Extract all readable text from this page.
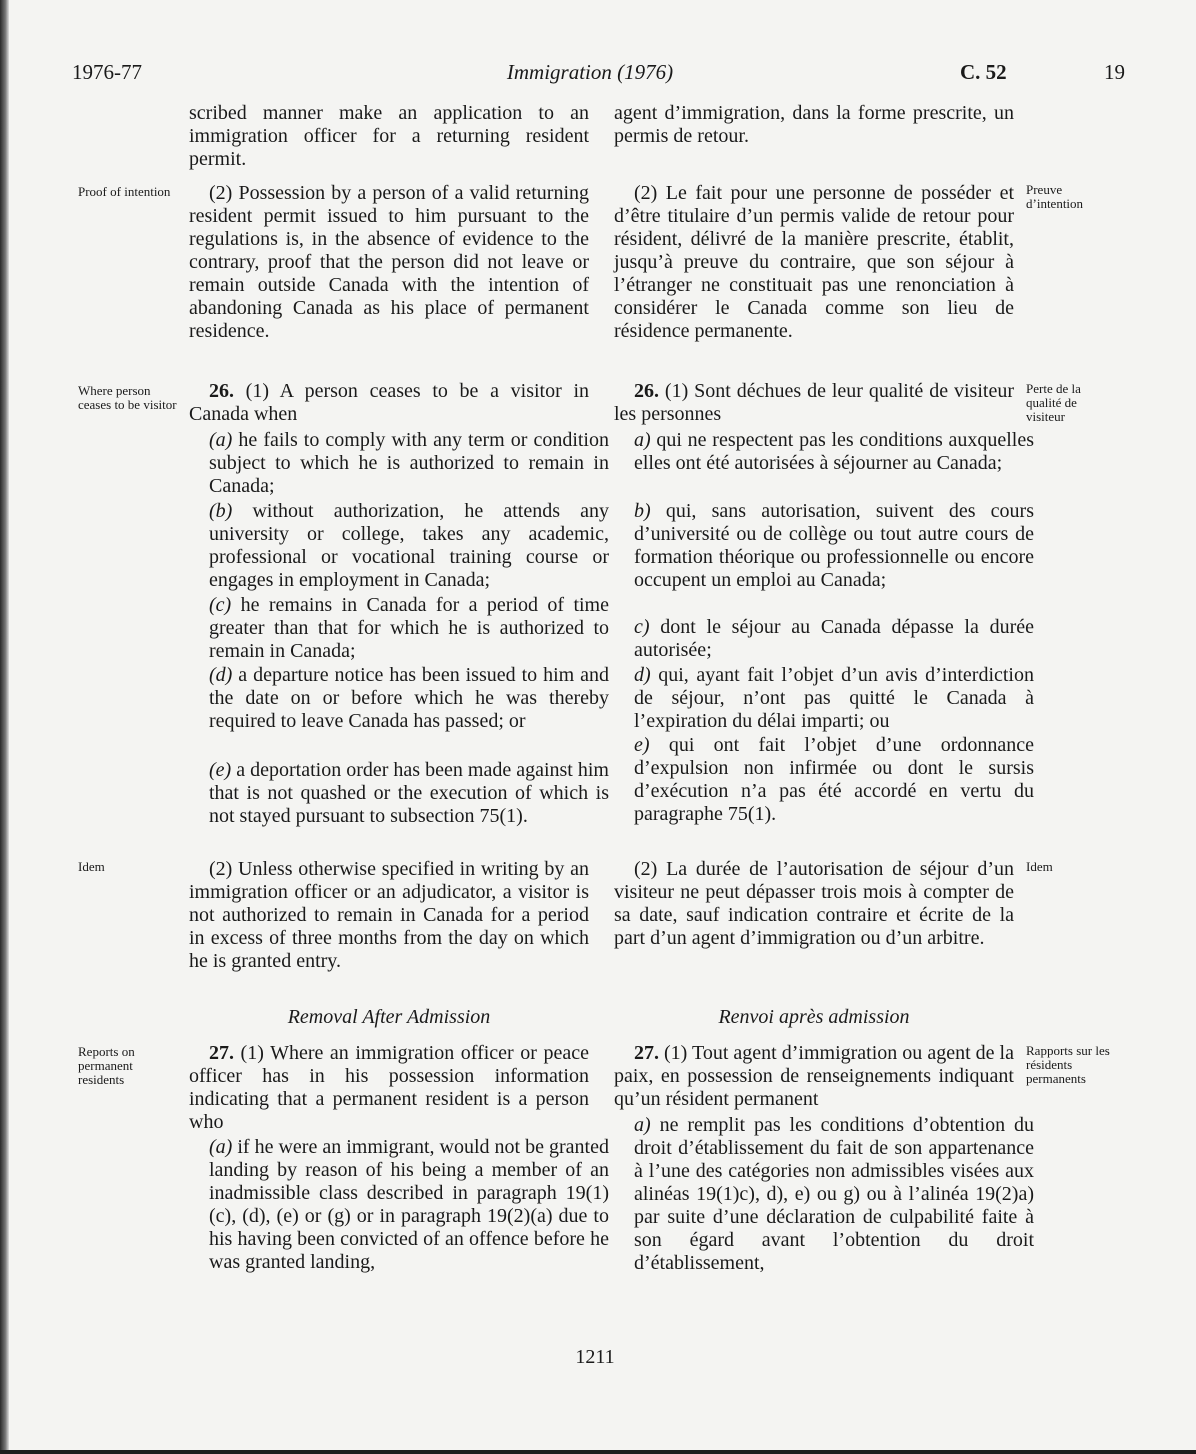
1976-77	Immigration (1976)	C. 52	19
scribed manner make an application to an immigration officer for a returning resident permit.
(2) Possession by a person of a valid returning resident permit issued to him pursuant to the regulations is, in the absence of evidence to the contrary, proof that the person did not leave or remain outside Canada with the intention of abandoning Canada as his place of permanent residence.
26. (1) A person ceases to be a visitor in Canada when
(a) he fails to comply with any term or condition subject to which he is authorized to remain in Canada;
(b) without authorization, he attends any university or college, takes any academic, professional or vocational training course or engages in employment in Canada;
(c) he remains in Canada for a period of time greater than that for which he is authorized to remain in Canada;
(d) a departure notice has been issued to him and the date on or before which he was thereby required to leave Canada has passed; or
(e) a deportation order has been made against him that is not quashed or the execution of which is not stayed pursuant to subsection 75(1).
(2) Unless otherwise specified in writing by an immigration officer or an adjudicator, a visitor is not authorized to remain in Canada for a period in excess of three months from the day on which he is granted entry.
Removal After Admission
27. (1) Where an immigration officer or peace officer has in his possession information indicating that a permanent resident is a person who
(a) if he were an immigrant, would not be granted landing by reason of his being a member of an inadmissible class described in paragraph 19(1)(c), (d), (e) or (g) or in paragraph 19(2)(a) due to his having been convicted of an offence before he was granted landing,
agent d’immigration, dans la forme prescrite, un permis de retour.
(2) Le fait pour une personne de posséder et d’être titulaire d’un permis valide de retour pour résident, délivré de la manière prescrite, établit, jusqu’à preuve du contraire, que son séjour à l’étranger ne constituait pas une renonciation à considérer le Canada comme son lieu de résidence permanente.
26. (1) Sont déchues de leur qualité de visiteur les personnes
a) qui ne respectent pas les conditions auxquelles elles ont été autorisées à séjourner au Canada;
b) qui, sans autorisation, suivent des cours d’université ou de collège ou tout autre cours de formation théorique ou professionnelle ou encore occupent un emploi au Canada;
c) dont le séjour au Canada dépasse la durée autorisée;
d) qui, ayant fait l’objet d’un avis d’interdiction de séjour, n’ont pas quitté le Canada à l’expiration du délai imparti; ou
e) qui ont fait l’objet d’une ordonnance d’expulsion non infirmée ou dont le sursis d’exécution n’a pas été accordé en vertu du paragraphe 75(1).
(2) La durée de l’autorisation de séjour d’un visiteur ne peut dépasser trois mois à compter de sa date, sauf indication contraire et écrite de la part d’un agent d’immigration ou d’un arbitre.
Renvoi après admission
27. (1) Tout agent d’immigration ou agent de la paix, en possession de renseignements indiquant qu’un résident permanent
a) ne remplit pas les conditions d’obtention du droit d’établissement du fait de son appartenance à l’une des catégories non admissibles visées aux alinéas 19(1)c), d), e) ou g) ou à l’alinéa 19(2)a) par suite d’une déclaration de culpabilité faite à son égard avant l’obtention du droit d’établissement,
Proof of intention
Where person ceases to be visitor
Idem
Reports on permanent residents
Preuve d’intention
Perte de la qualité de visiteur
Idem
Rapports sur les résidents permanents
1211
